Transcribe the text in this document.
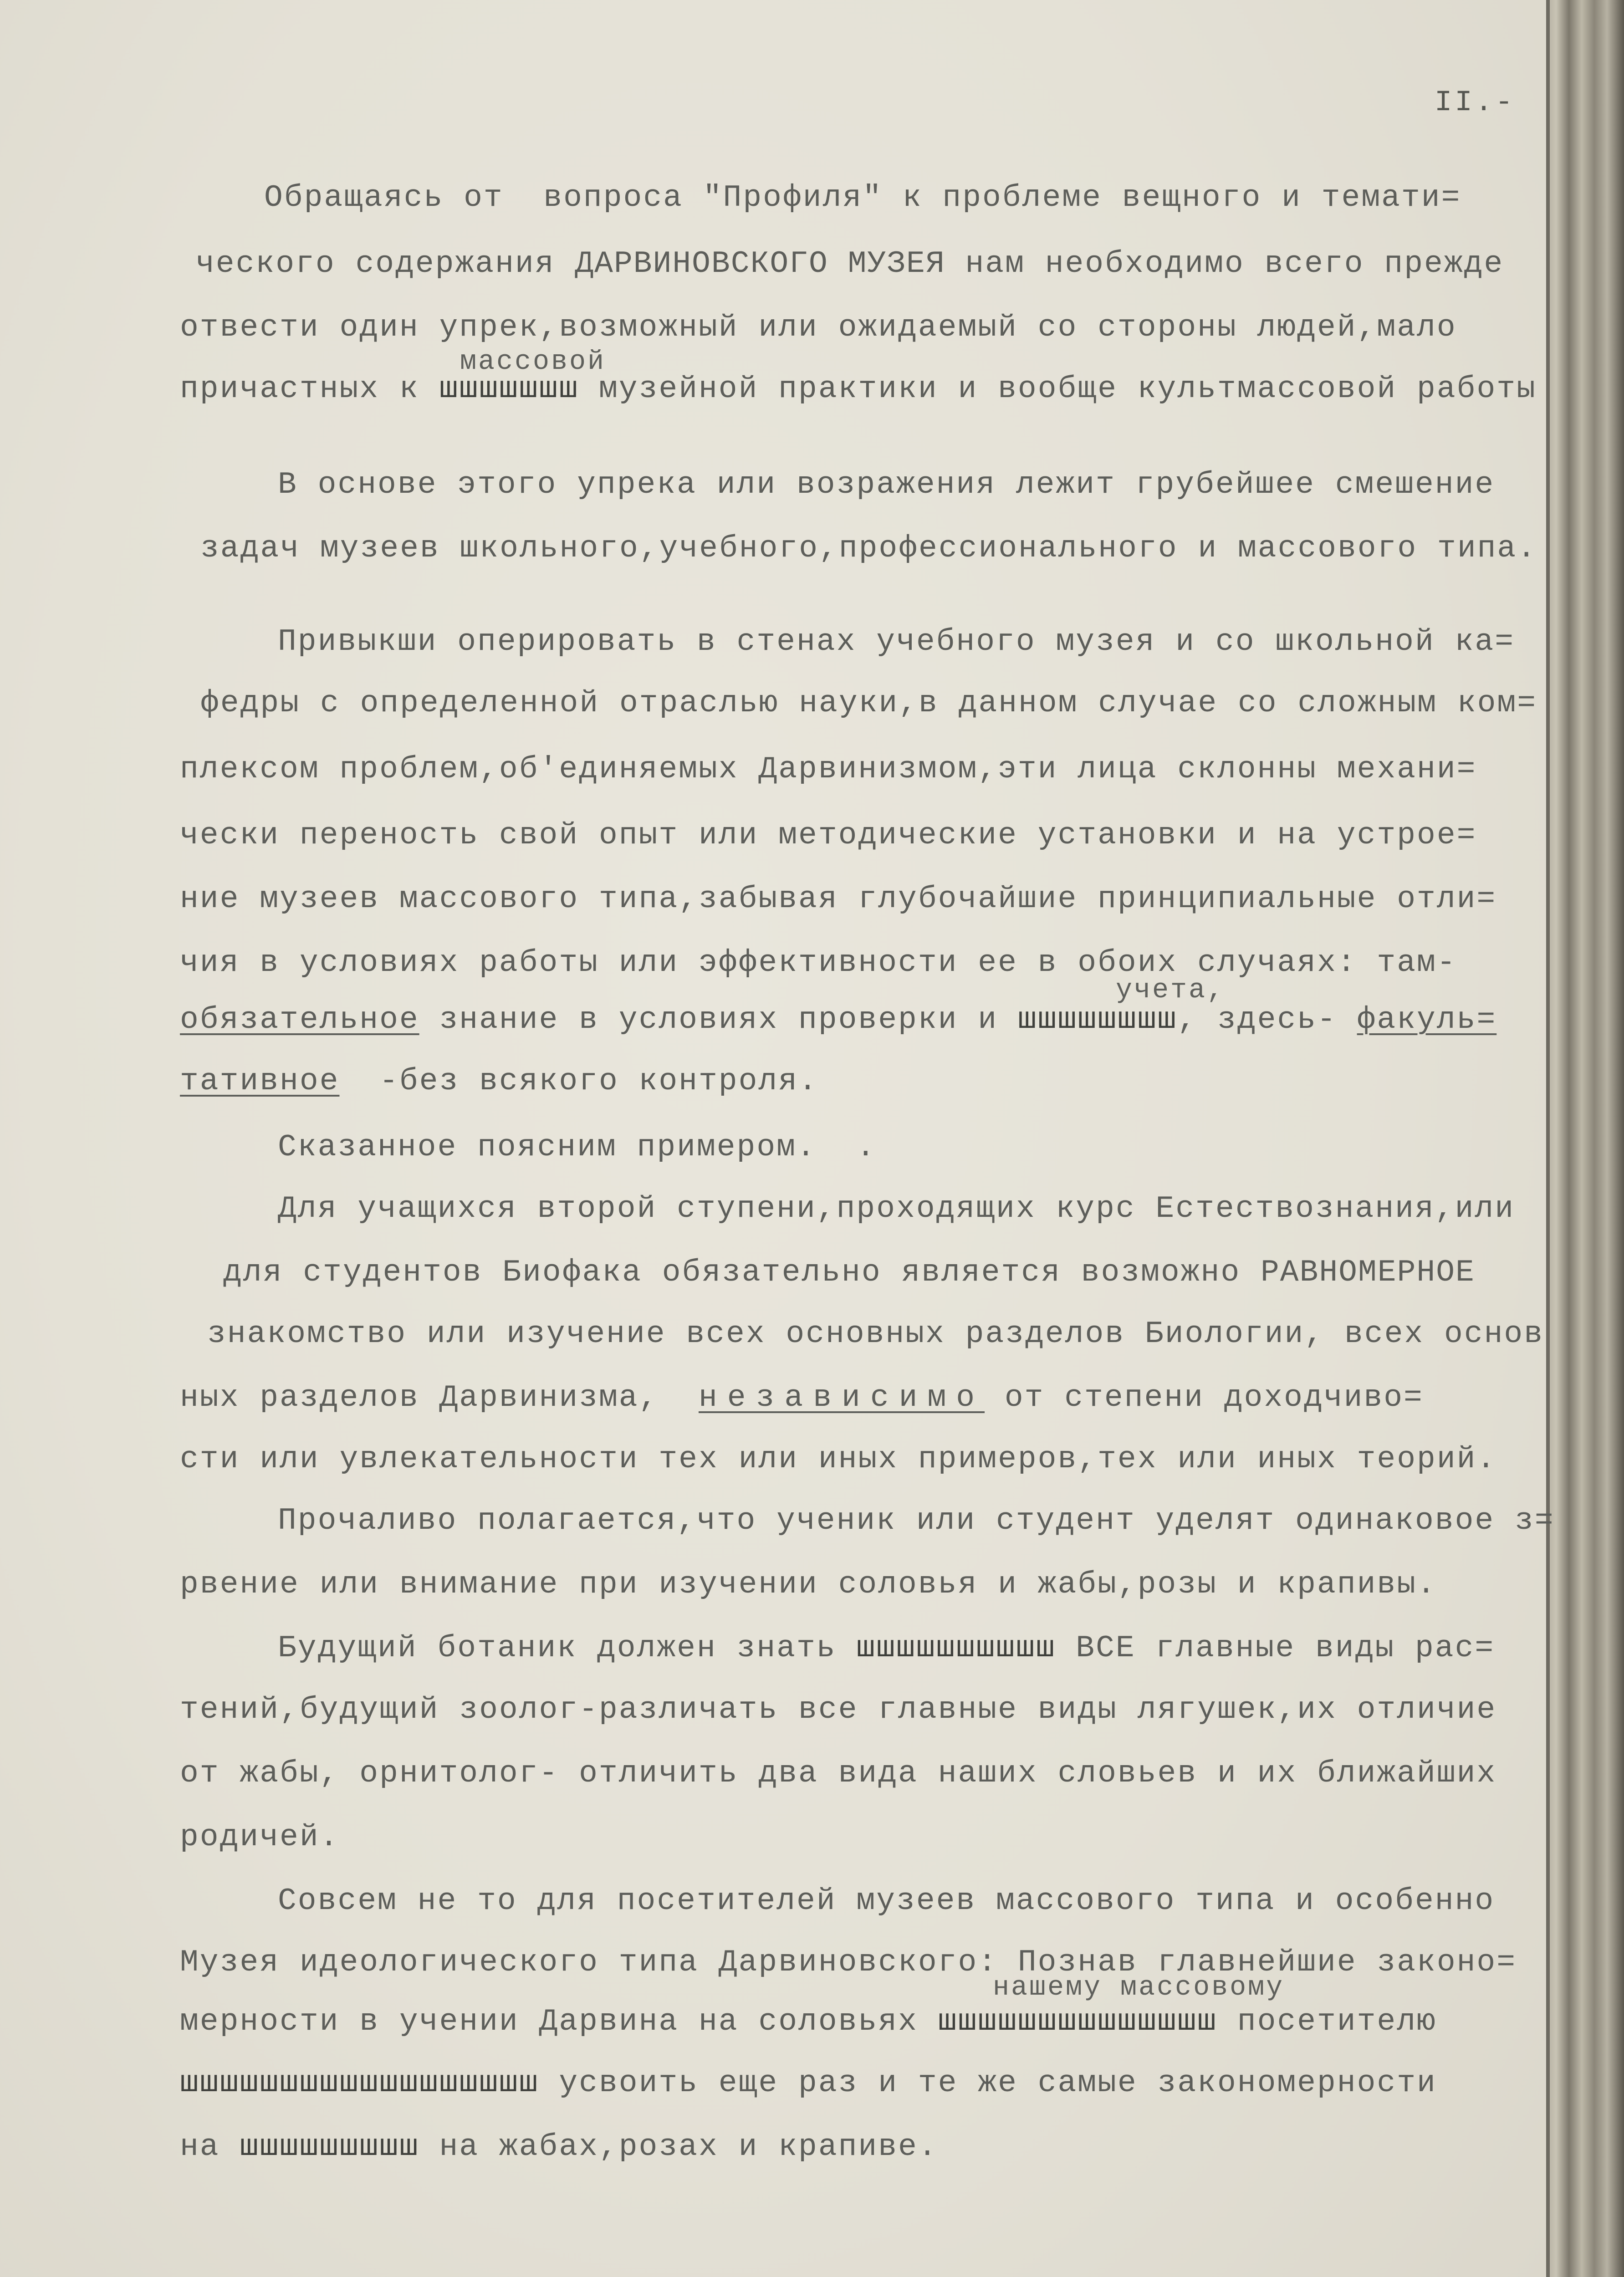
II.-
Обращаясь от  вопроса "Профиля" к проблеме вещного и темати=
ческого содержания ДАРВИНОВСКОГО МУЗЕЯ нам необходимо всего прежде
отвести один упрек,возможный или ожидаемый со стороны людей,мало
массовой
причастных к шшшшшшш музейной практики и вообще культмассовой работы
В основе этого упрека или возражения лежит грубейшее смешение
задач музеев школьного,учебного,профессионального и массового типа.
Привыкши оперировать в стенах учебного музея и со школьной ка=
федры с определенной отраслью науки,в данном случае со сложным ком=
плексом проблем,об'единяемых Дарвинизмом,эти лица склонны механи=
чески переность свой опыт или методические установки и на устрое=
ние музеев массового типа,забывая глубочайшие принципиальные отли=
чия в условиях работы или эффективности ее в обоих случаях: там-
учета,
обязательное знание в условиях проверки и шшшшшшшш, здесь- факуль=
тативное  -без всякого контроля.
Сказанное поясним примером.  .
Для учащихся второй ступени,проходящих курс Естествознания,или
для студентов Биофака обязательно является возможно РАВНОМЕРНОЕ
знакомство или изучение всех основных разделов Биологии, всех основ
ных разделов Дарвинизма,  независимо от степени доходчиво=
сти или увлекательности тех или иных примеров,тех или иных теорий.
Прочаливо полагается,что ученик или студент уделят одинаковое з=
рвение или внимание при изучении соловья и жабы,розы и крапивы.
Будущий ботаник должен знать шшшшшшшшшш ВСЕ главные виды рас=
тений,будущий зоолог-различать все главные виды лягушек,их отличие
от жабы, орнитолог- отличить два вида наших словьев и их ближайших
родичей.
Совсем не то для посетителей музеев массового типа и особенно
Музея идеологического типа Дарвиновского: Познав главнейшие законо=
нашему массовому
мерности в учении Дарвина на соловьях шшшшшшшшшшшшшш посетителю
шшшшшшшшшшшшшшшшшш усвоить еще раз и те же самые закономерности
на шшшшшшшшш на жабах,розах и крапиве.
